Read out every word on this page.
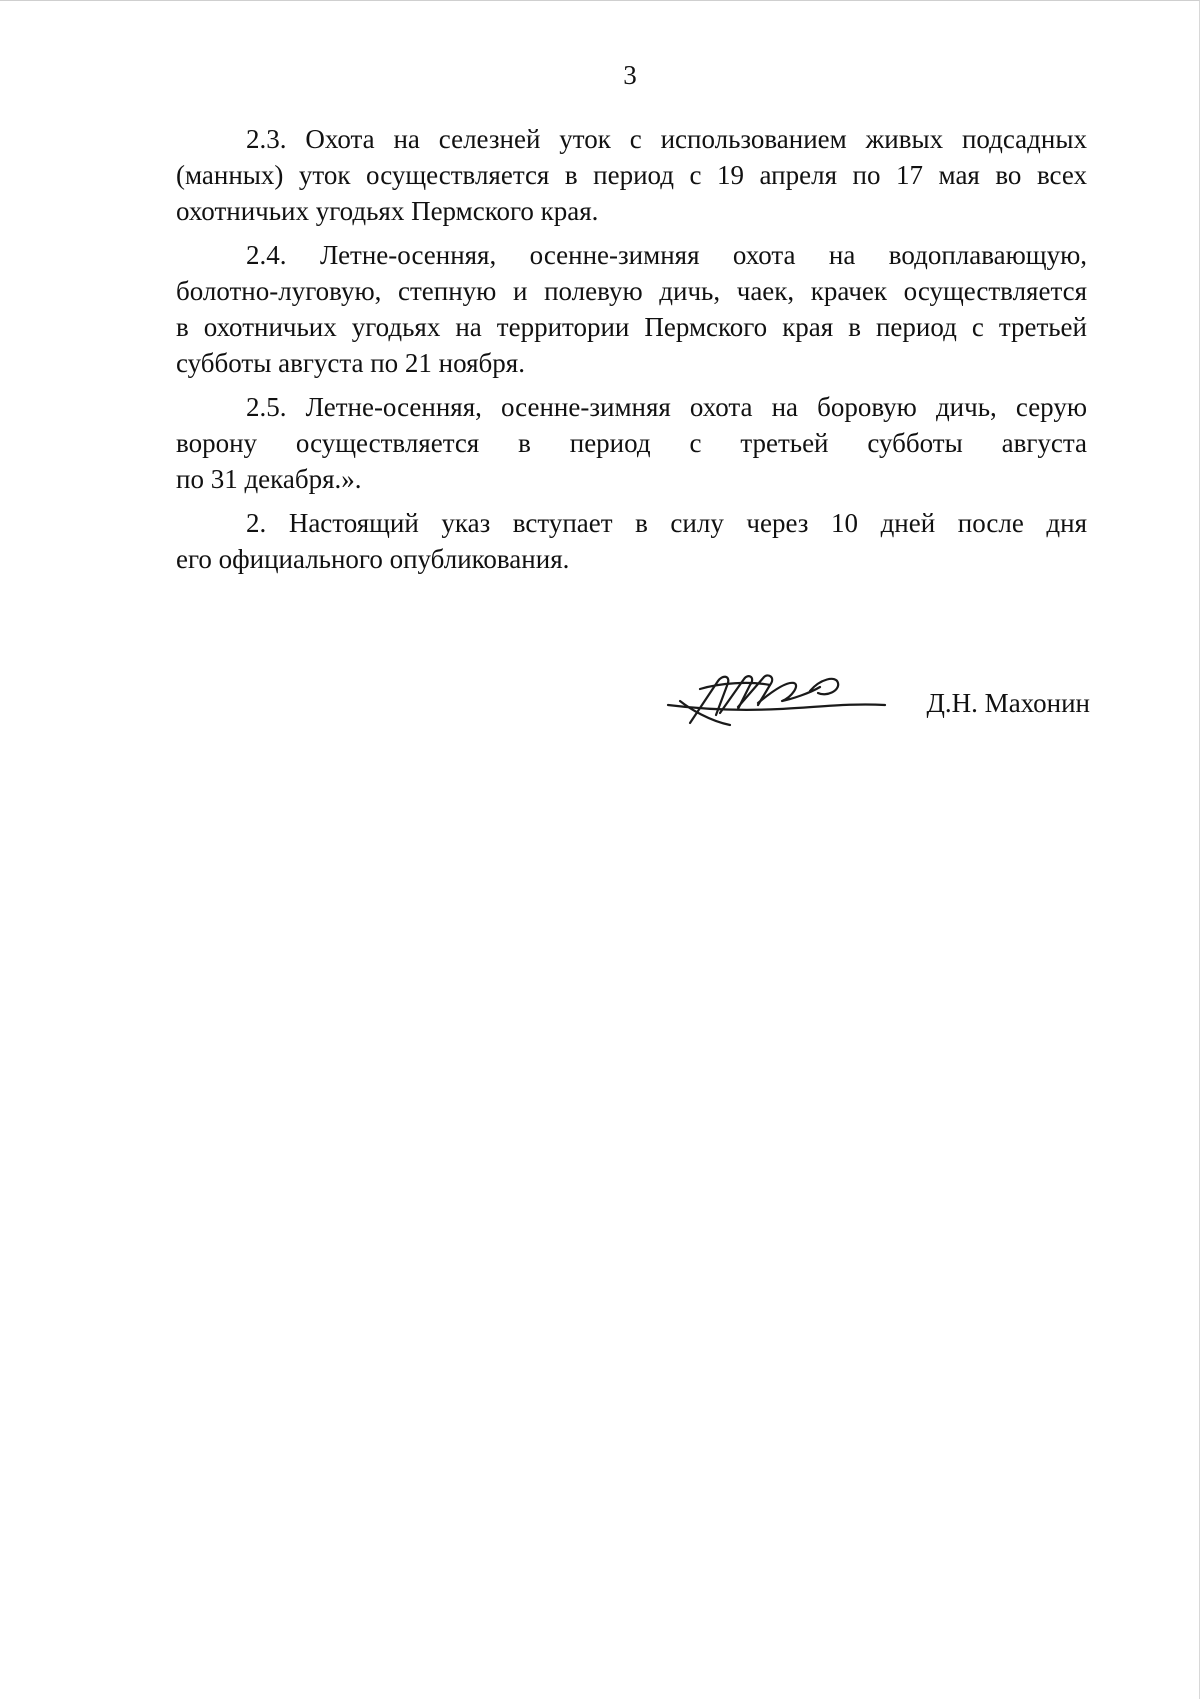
3
2.3. Охота на селезней уток с использованием живых подсадных
(манных) уток осуществляется в период с 19 апреля по 17 мая во всех
охотничьих угодьях Пермского края.
2.4. Летне-осенняя, осенне-зимняя охота на водоплавающую,
болотно-луговую, степную и полевую дичь, чаек, крачек осуществляется
в охотничьих угодьях на территории Пермского края в период с третьей
субботы августа по 21 ноября.
2.5. Летне-осенняя, осенне-зимняя охота на боровую дичь, серую
ворону осуществляется в период с третьей субботы августа
по 31 декабря.».
2. Настоящий указ вступает в силу через 10 дней после дня
его официального опубликования.
Д.Н. Махонин
